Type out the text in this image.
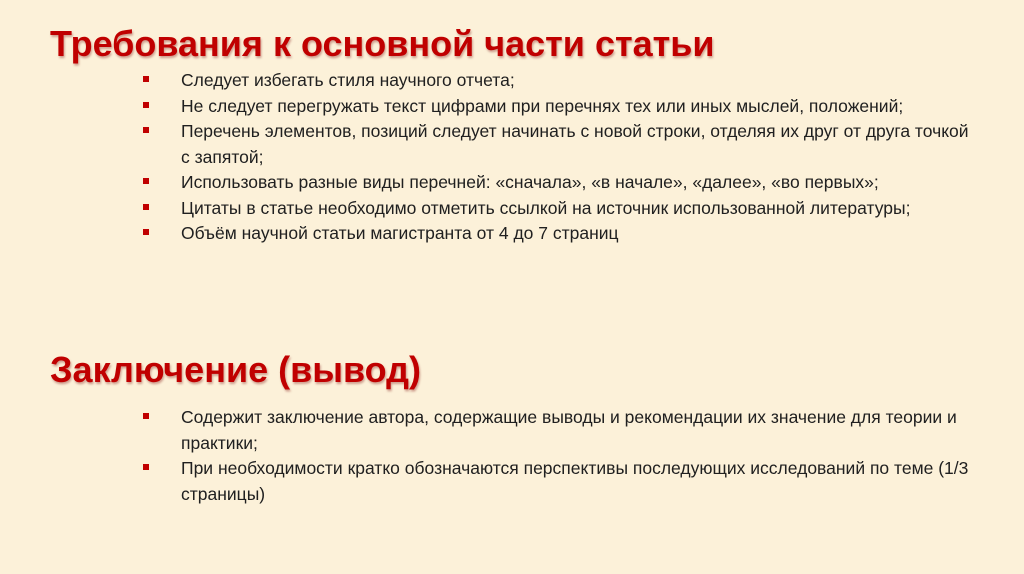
Требования к основной части статьи
Следует избегать стиля научного отчета;
Не следует перегружать текст цифрами при перечнях тех или иных мыслей, положений;
Перечень элементов, позиций следует начинать с новой строки, отделяя их друг от друга точкой с запятой;
Использовать разные виды перечней: «сначала», «в начале», «далее», «во первых»;
Цитаты в статье необходимо отметить ссылкой на источник использованной литературы;
Объём научной статьи магистранта от 4 до 7 страниц
Заключение (вывод)
Содержит заключение автора, содержащие выводы и рекомендации их значение для теории и практики;
При необходимости кратко обозначаются перспективы последующих исследований по теме (1/3 страницы)
